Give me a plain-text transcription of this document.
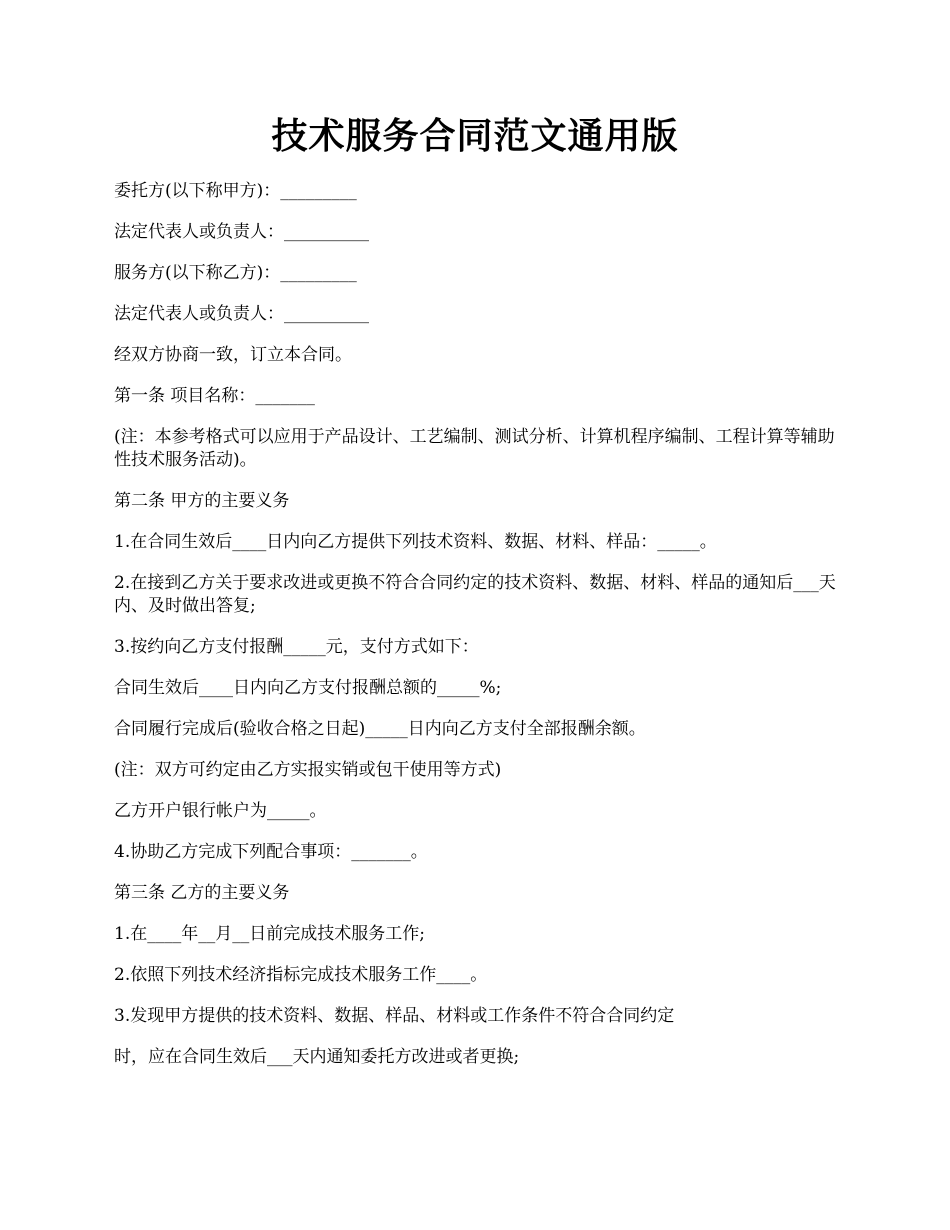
技术服务合同范文通用版

委托方(以下称甲方)：_________

法定代表人或负责人：__________

服务方(以下称乙方)：_________

法定代表人或负责人：__________

经双方协商一致，订立本合同。

第一条 项目名称：_______

(注：本参考格式可以应用于产品设计、工艺编制、测试分析、计算机程序编制、工程计算等辅助性技术服务活动)。

第二条 甲方的主要义务

1.在合同生效后____日内向乙方提供下列技术资料、数据、材料、样品：_____。

2.在接到乙方关于要求改进或更换不符合合同约定的技术资料、数据、材料、样品的通知后___天内、及时做出答复;

3.按约向乙方支付报酬_____元，支付方式如下：

合同生效后____日内向乙方支付报酬总额的_____%;

合同履行完成后(验收合格之日起)_____日内向乙方支付全部报酬余额。

(注：双方可约定由乙方实报实销或包干使用等方式)

乙方开户银行帐户为_____。

4.协助乙方完成下列配合事项：_______。

第三条 乙方的主要义务

1.在____年__月__日前完成技术服务工作;

2.依照下列技术经济指标完成技术服务工作____。

3.发现甲方提供的技术资料、数据、样品、材料或工作条件不符合合同约定

时，应在合同生效后___天内通知委托方改进或者更换;
